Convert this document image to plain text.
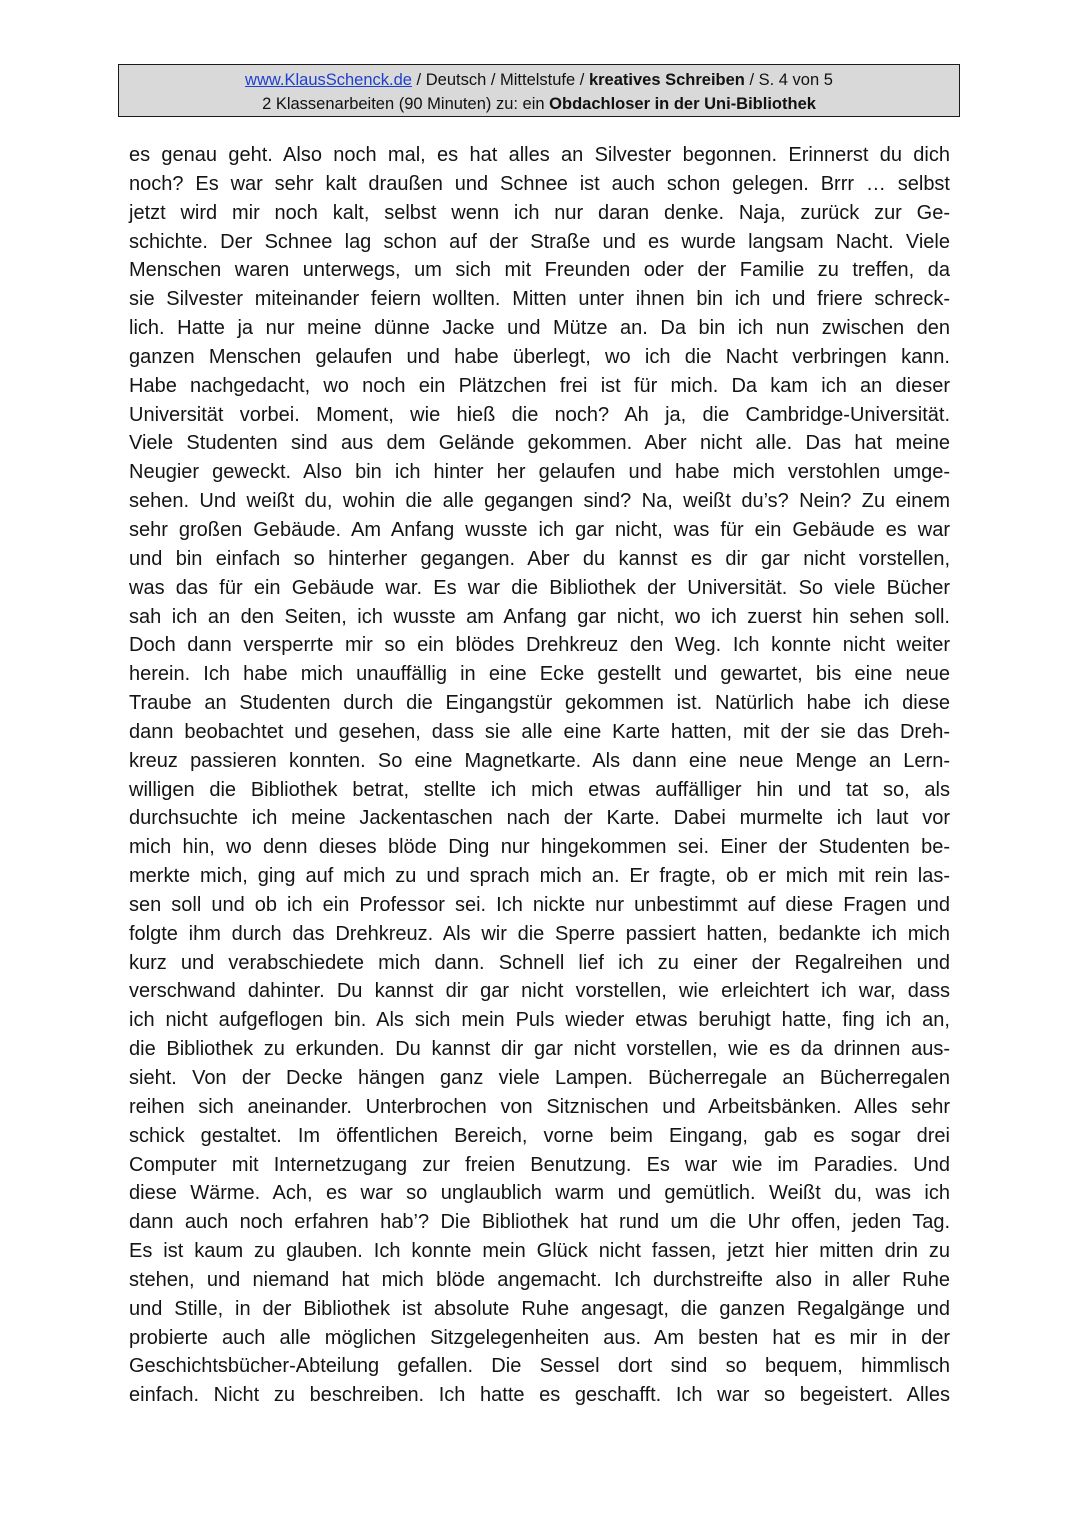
www.KlausSchenck.de / Deutsch / Mittelstufe / kreatives Schreiben / S. 4 von 5
2 Klassenarbeiten (90 Minuten) zu: ein Obdachloser in der Uni-Bibliothek
es genau geht. Also noch mal, es hat alles an Silvester begonnen. Erinnerst du dich
noch? Es war sehr kalt draußen und Schnee ist auch schon gelegen. Brrr … selbst
jetzt wird mir noch kalt, selbst wenn ich nur daran denke. Naja, zurück zur Ge-
schichte. Der Schnee lag schon auf der Straße und es wurde langsam Nacht. Viele
Menschen waren unterwegs, um sich mit Freunden oder der Familie zu treffen, da
sie Silvester miteinander feiern wollten. Mitten unter ihnen bin ich und friere schreck-
lich. Hatte ja nur meine dünne Jacke und Mütze an. Da bin ich nun zwischen den
ganzen Menschen gelaufen und habe überlegt, wo ich die Nacht verbringen kann.
Habe nachgedacht, wo noch ein Plätzchen frei ist für mich. Da kam ich an dieser
Universität vorbei. Moment, wie hieß die noch? Ah ja, die Cambridge-Universität.
Viele Studenten sind aus dem Gelände gekommen. Aber nicht alle. Das hat meine
Neugier geweckt. Also bin ich hinter her gelaufen und habe mich verstohlen umge-
sehen. Und weißt du, wohin die alle gegangen sind? Na, weißt du’s? Nein? Zu einem
sehr großen Gebäude. Am Anfang wusste ich gar nicht, was für ein Gebäude es war
und bin einfach so hinterher gegangen. Aber du kannst es dir gar nicht vorstellen,
was das für ein Gebäude war. Es war die Bibliothek der Universität. So viele Bücher
sah ich an den Seiten, ich wusste am Anfang gar nicht, wo ich zuerst hin sehen soll.
Doch dann versperrte mir so ein blödes Drehkreuz den Weg. Ich konnte nicht weiter
herein. Ich habe mich unauffällig in eine Ecke gestellt und gewartet, bis eine neue
Traube an Studenten durch die Eingangstür gekommen ist. Natürlich habe ich diese
dann beobachtet und gesehen, dass sie alle eine Karte hatten, mit der sie das Dreh-
kreuz passieren konnten. So eine Magnetkarte. Als dann eine neue Menge an Lern-
willigen die Bibliothek betrat, stellte ich mich etwas auffälliger hin und tat so, als
durchsuchte ich meine Jackentaschen nach der Karte. Dabei murmelte ich laut vor
mich hin, wo denn dieses blöde Ding nur hingekommen sei. Einer der Studenten be-
merkte mich, ging auf mich zu und sprach mich an. Er fragte, ob er mich mit rein las-
sen soll und ob ich ein Professor sei. Ich nickte nur unbestimmt auf diese Fragen und
folgte ihm durch das Drehkreuz. Als wir die Sperre passiert hatten, bedankte ich mich
kurz und verabschiedete mich dann. Schnell lief ich zu einer der Regalreihen und
verschwand dahinter. Du kannst dir gar nicht vorstellen, wie erleichtert ich war, dass
ich nicht aufgeflogen bin. Als sich mein Puls wieder etwas beruhigt hatte, fing ich an,
die Bibliothek zu erkunden. Du kannst dir gar nicht vorstellen, wie es da drinnen aus-
sieht. Von der Decke hängen ganz viele Lampen. Bücherregale an Bücherregalen
reihen sich aneinander. Unterbrochen von Sitznischen und Arbeitsbänken. Alles sehr
schick gestaltet. Im öffentlichen Bereich, vorne beim Eingang, gab es sogar drei
Computer mit Internetzugang zur freien Benutzung. Es war wie im Paradies. Und
diese Wärme. Ach, es war so unglaublich warm und gemütlich. Weißt du, was ich
dann auch noch erfahren hab’? Die Bibliothek hat rund um die Uhr offen, jeden Tag.
Es ist kaum zu glauben. Ich konnte mein Glück nicht fassen, jetzt hier mitten drin zu
stehen, und niemand hat mich blöde angemacht. Ich durchstreifte also in aller Ruhe
und Stille, in der Bibliothek ist absolute Ruhe angesagt, die ganzen Regalgänge und
probierte auch alle möglichen Sitzgelegenheiten aus. Am besten hat es mir in der
Geschichtsbücher-Abteilung gefallen. Die Sessel dort sind so bequem, himmlisch
einfach. Nicht zu beschreiben. Ich hatte es geschafft. Ich war so begeistert. Alles
